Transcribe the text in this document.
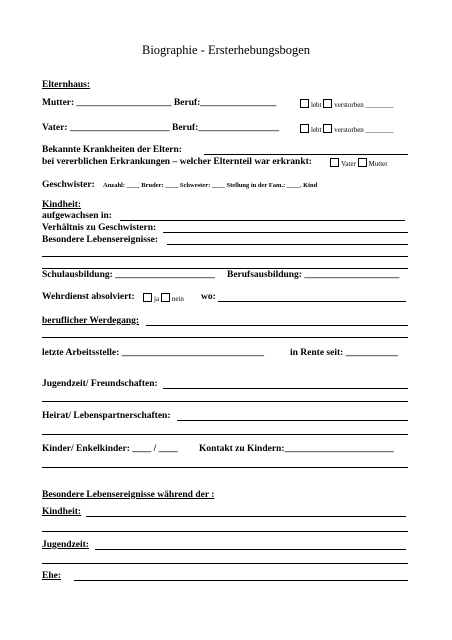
Biographie - Ersterhebungsbogen
Elternhaus:
Mutter: ____________________ Beruf:________________	lebt verstorben ________
Vater: _____________________ Beruf:_________________	lebt verstorben ________
Bekannte Krankheiten der Eltern:
bei vererblichen Erkrankungen – welcher Elternteil war erkrankt:	Vater Mutter
Geschwister: Anzahl: ____ Bruder: ____ Schwester: ____ Stellung in der Fam.: ____. Kind
Kindheit:
aufgewachsen in:
Verhältnis zu Geschwistern:
Besondere Lebensereignisse:
Schulausbildung: _____________________ Berufsausbildung: ____________________
Wehrdienst absolviert:	ja nein wo:
beruflicher Werdegang:
letzte Arbeitsstelle: ______________________________	in Rente seit: ___________
Jugendzeit/ Freundschaften:
Heirat/ Lebenspartnerschaften:
Kinder/ Enkelkinder: ____ / ____ Kontakt zu Kindern:_______________________
Besondere Lebensereignisse während der :
Kindheit:
Jugendzeit:
Ehe:
